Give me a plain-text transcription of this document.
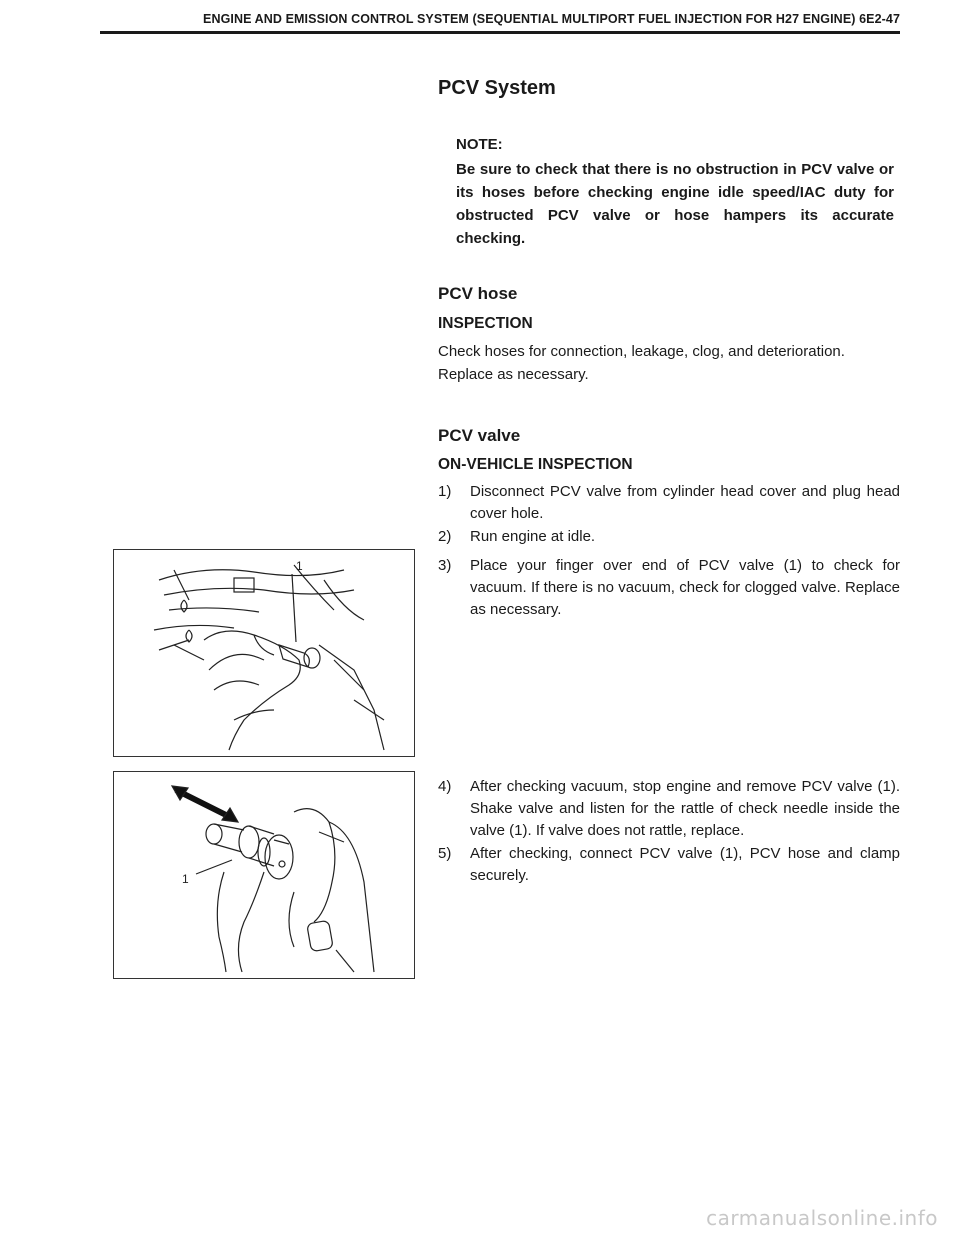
ENGINE AND EMISSION CONTROL SYSTEM (SEQUENTIAL MULTIPORT FUEL INJECTION FOR H27 ENGINE) 6E2-47
PCV System
NOTE:
Be sure to check that there is no obstruction in PCV valve or its hoses before checking engine idle speed/IAC duty for obstructed PCV valve or hose hampers its accurate checking.
PCV hose
INSPECTION
Check hoses for connection, leakage, clog, and deterioration.
Replace as necessary.
PCV valve
ON-VEHICLE INSPECTION
1)	Disconnect PCV valve from cylinder head cover and plug head cover hole.
2)	Run engine at idle.
3)	Place your finger over end of PCV valve (1) to check for vacuum. If there is no vacuum, check for clogged valve. Replace as necessary.
4)	After checking vacuum, stop engine and remove PCV valve (1). Shake valve and listen for the rattle of check needle inside the valve (1). If valve does not rattle, replace.
5)	After checking, connect PCV valve (1), PCV hose and clamp securely.
1
1
carmanualsonline.info
